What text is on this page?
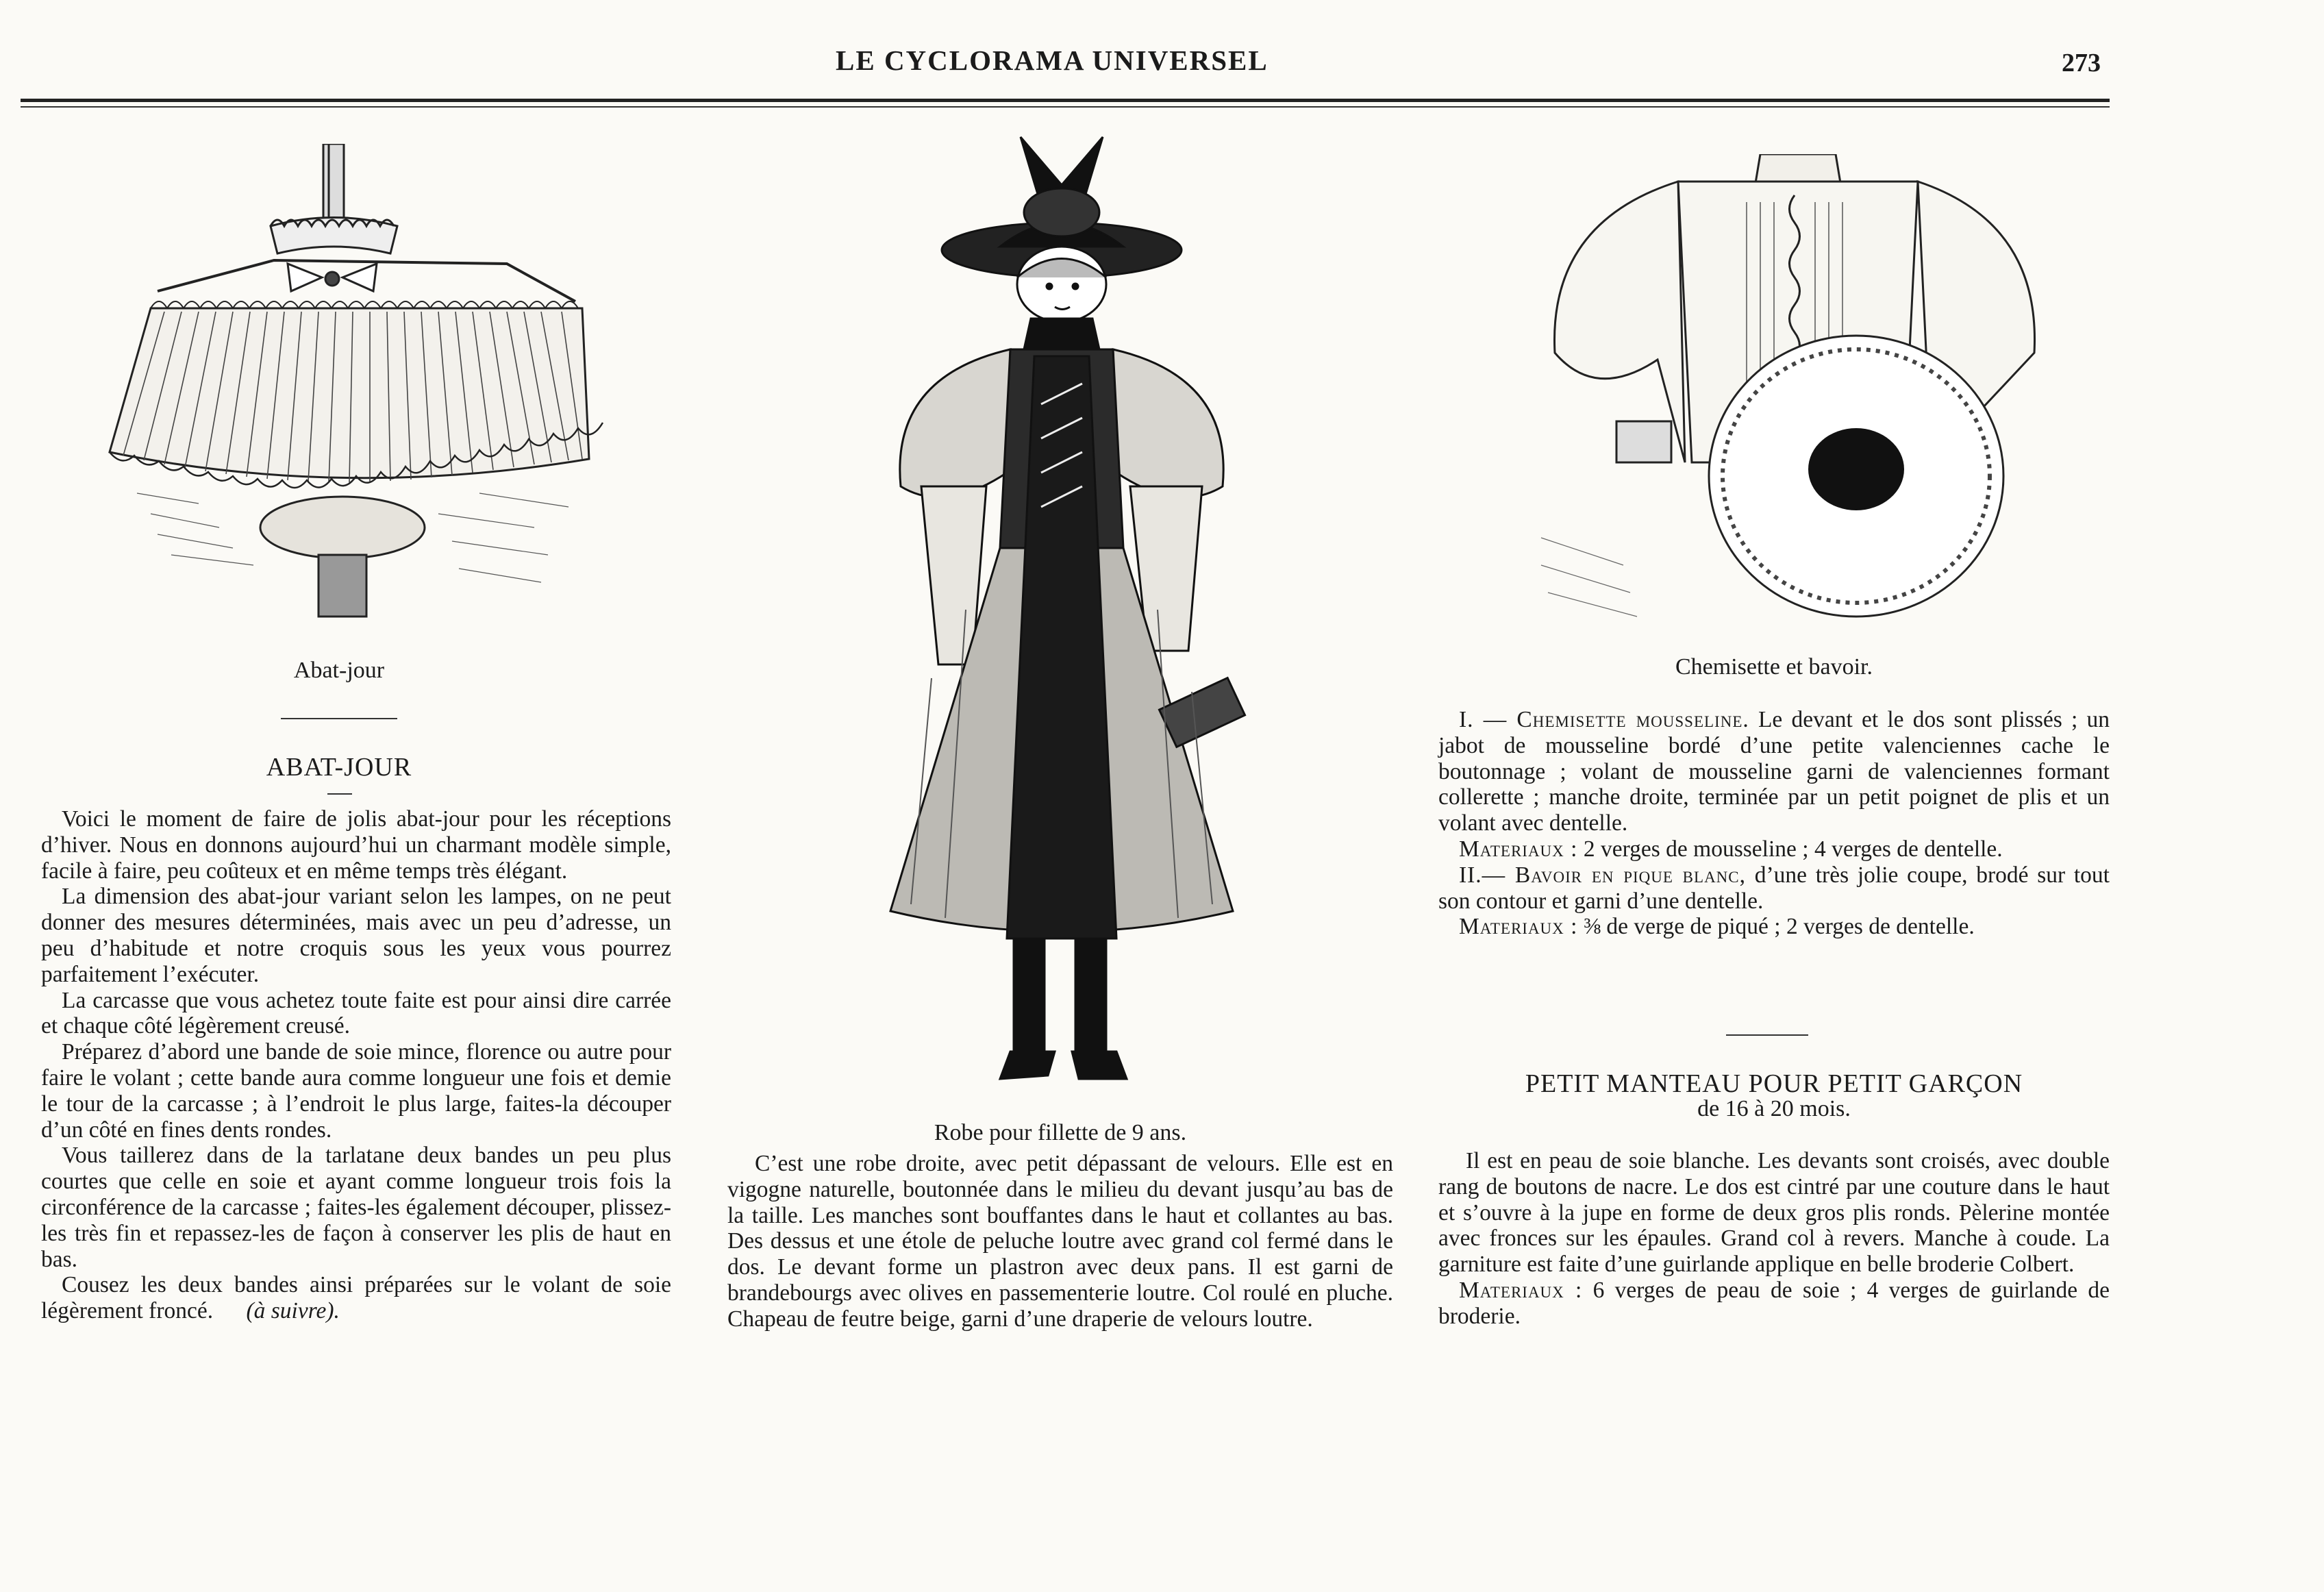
LE CYCLORAMA UNIVERSEL	273
Abat-jour
ABAT-JOUR

Voici le moment de faire de jolis abat-jour pour les réceptions d’hiver. Nous en donnons aujourd’hui un charmant modèle simple, facile à faire, peu coûteux et en même temps très élégant.

La dimension des abat-jour variant selon les lampes, on ne peut donner des mesures déterminées, mais avec un peu d’adresse, un peu d’habitude et notre croquis sous les yeux vous pourrez parfaitement l’exécuter.

La carcasse que vous achetez toute faite est pour ainsi dire carrée et chaque côté légèrement creusé.

Préparez d’abord une bande de soie mince, florence ou autre pour faire le volant ; cette bande aura comme longueur une fois et demie le tour de la carcasse ; à l’endroit le plus large, faites-la découper d’un côté en fines dents rondes.

Vous taillerez dans de la tarlatane deux bandes un peu plus courtes que celle en soie et ayant comme longueur trois fois la circonférence de la carcasse ; faites-les également découper, plissez-les très fin et repassez-les de façon à conserver les plis de haut en bas.

Cousez les deux bandes ainsi préparées sur le volant de soie légèrement froncé. (à suivre).

Robe pour fillette de 9 ans.

C’est une robe droite, avec petit dépassant de velours. Elle est en vigogne naturelle, boutonnée dans le milieu du devant jusqu’au bas de la taille. Les manches sont bouffantes dans le haut et collantes au bas. Des dessus et une étole de peluche loutre avec grand col fermé dans le dos. Le devant forme un plastron avec deux pans. Il est garni de brandebourgs avec olives en passementerie loutre. Col roulé en pluche. Chapeau de feutre beige, garni d’une draperie de velours loutre.

Chemisette et bavoir.

I. — Chemisette mousseline. Le devant et le dos sont plissés ; un jabot de mousseline bordé d’une petite valenciennes cache le boutonnage ; volant de mousseline garni de valenciennes formant collerette ; manche droite, terminée par un petit poignet de plis et un volant avec dentelle.

Materiaux : 2 verges de mousseline ; 4 verges de dentelle.

II.— Bavoir en pique blanc, d’une très jolie coupe, brodé sur tout son contour et garni d’une dentelle.

Materiaux : ⅜ de verge de piqué ; 2 verges de dentelle.

PETIT MANTEAU POUR PETIT GARÇON
de 16 à 20 mois.

Il est en peau de soie blanche. Les devants sont croisés, avec double rang de boutons de nacre. Le dos est cintré par une couture dans le haut et s’ouvre à la jupe en forme de deux gros plis ronds. Pèlerine montée avec fronces sur les épaules. Grand col à revers. Manche à coude. La garniture est faite d’une guirlande applique en belle broderie Colbert.

Materiaux : 6 verges de peau de soie ; 4 verges de guirlande de broderie.
